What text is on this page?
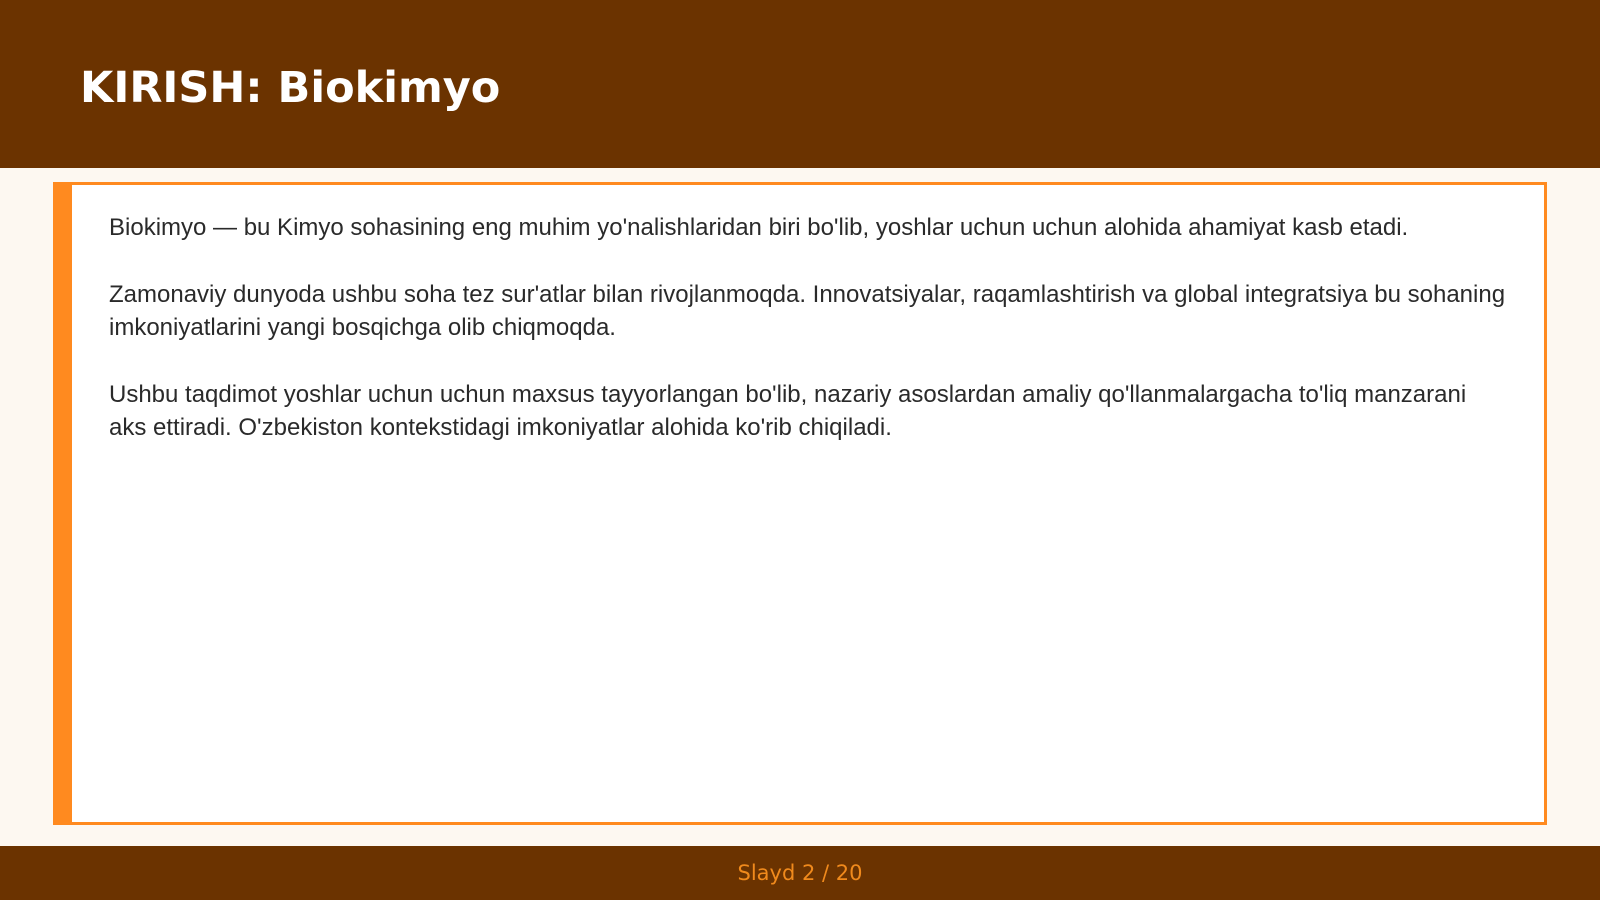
KIRISH: Biokimyo

Biokimyo — bu Kimyo sohasining eng muhim yo'nalishlaridan biri bo'lib, yoshlar uchun uchun alohida ahamiyat kasb etadi.

Zamonaviy dunyoda ushbu soha tez sur'atlar bilan rivojlanmoqda. Innovatsiyalar, raqamlashtirish va global integratsiya bu sohaning imkoniyatlarini yangi bosqichga olib chiqmoqda.

Ushbu taqdimot yoshlar uchun uchun maxsus tayyorlangan bo'lib, nazariy asoslardan amaliy qo'llanmalargacha to'liq manzarani aks ettiradi. O'zbekiston kontekstidagi imkoniyatlar alohida ko'rib chiqiladi.

Slayd 2 / 20
